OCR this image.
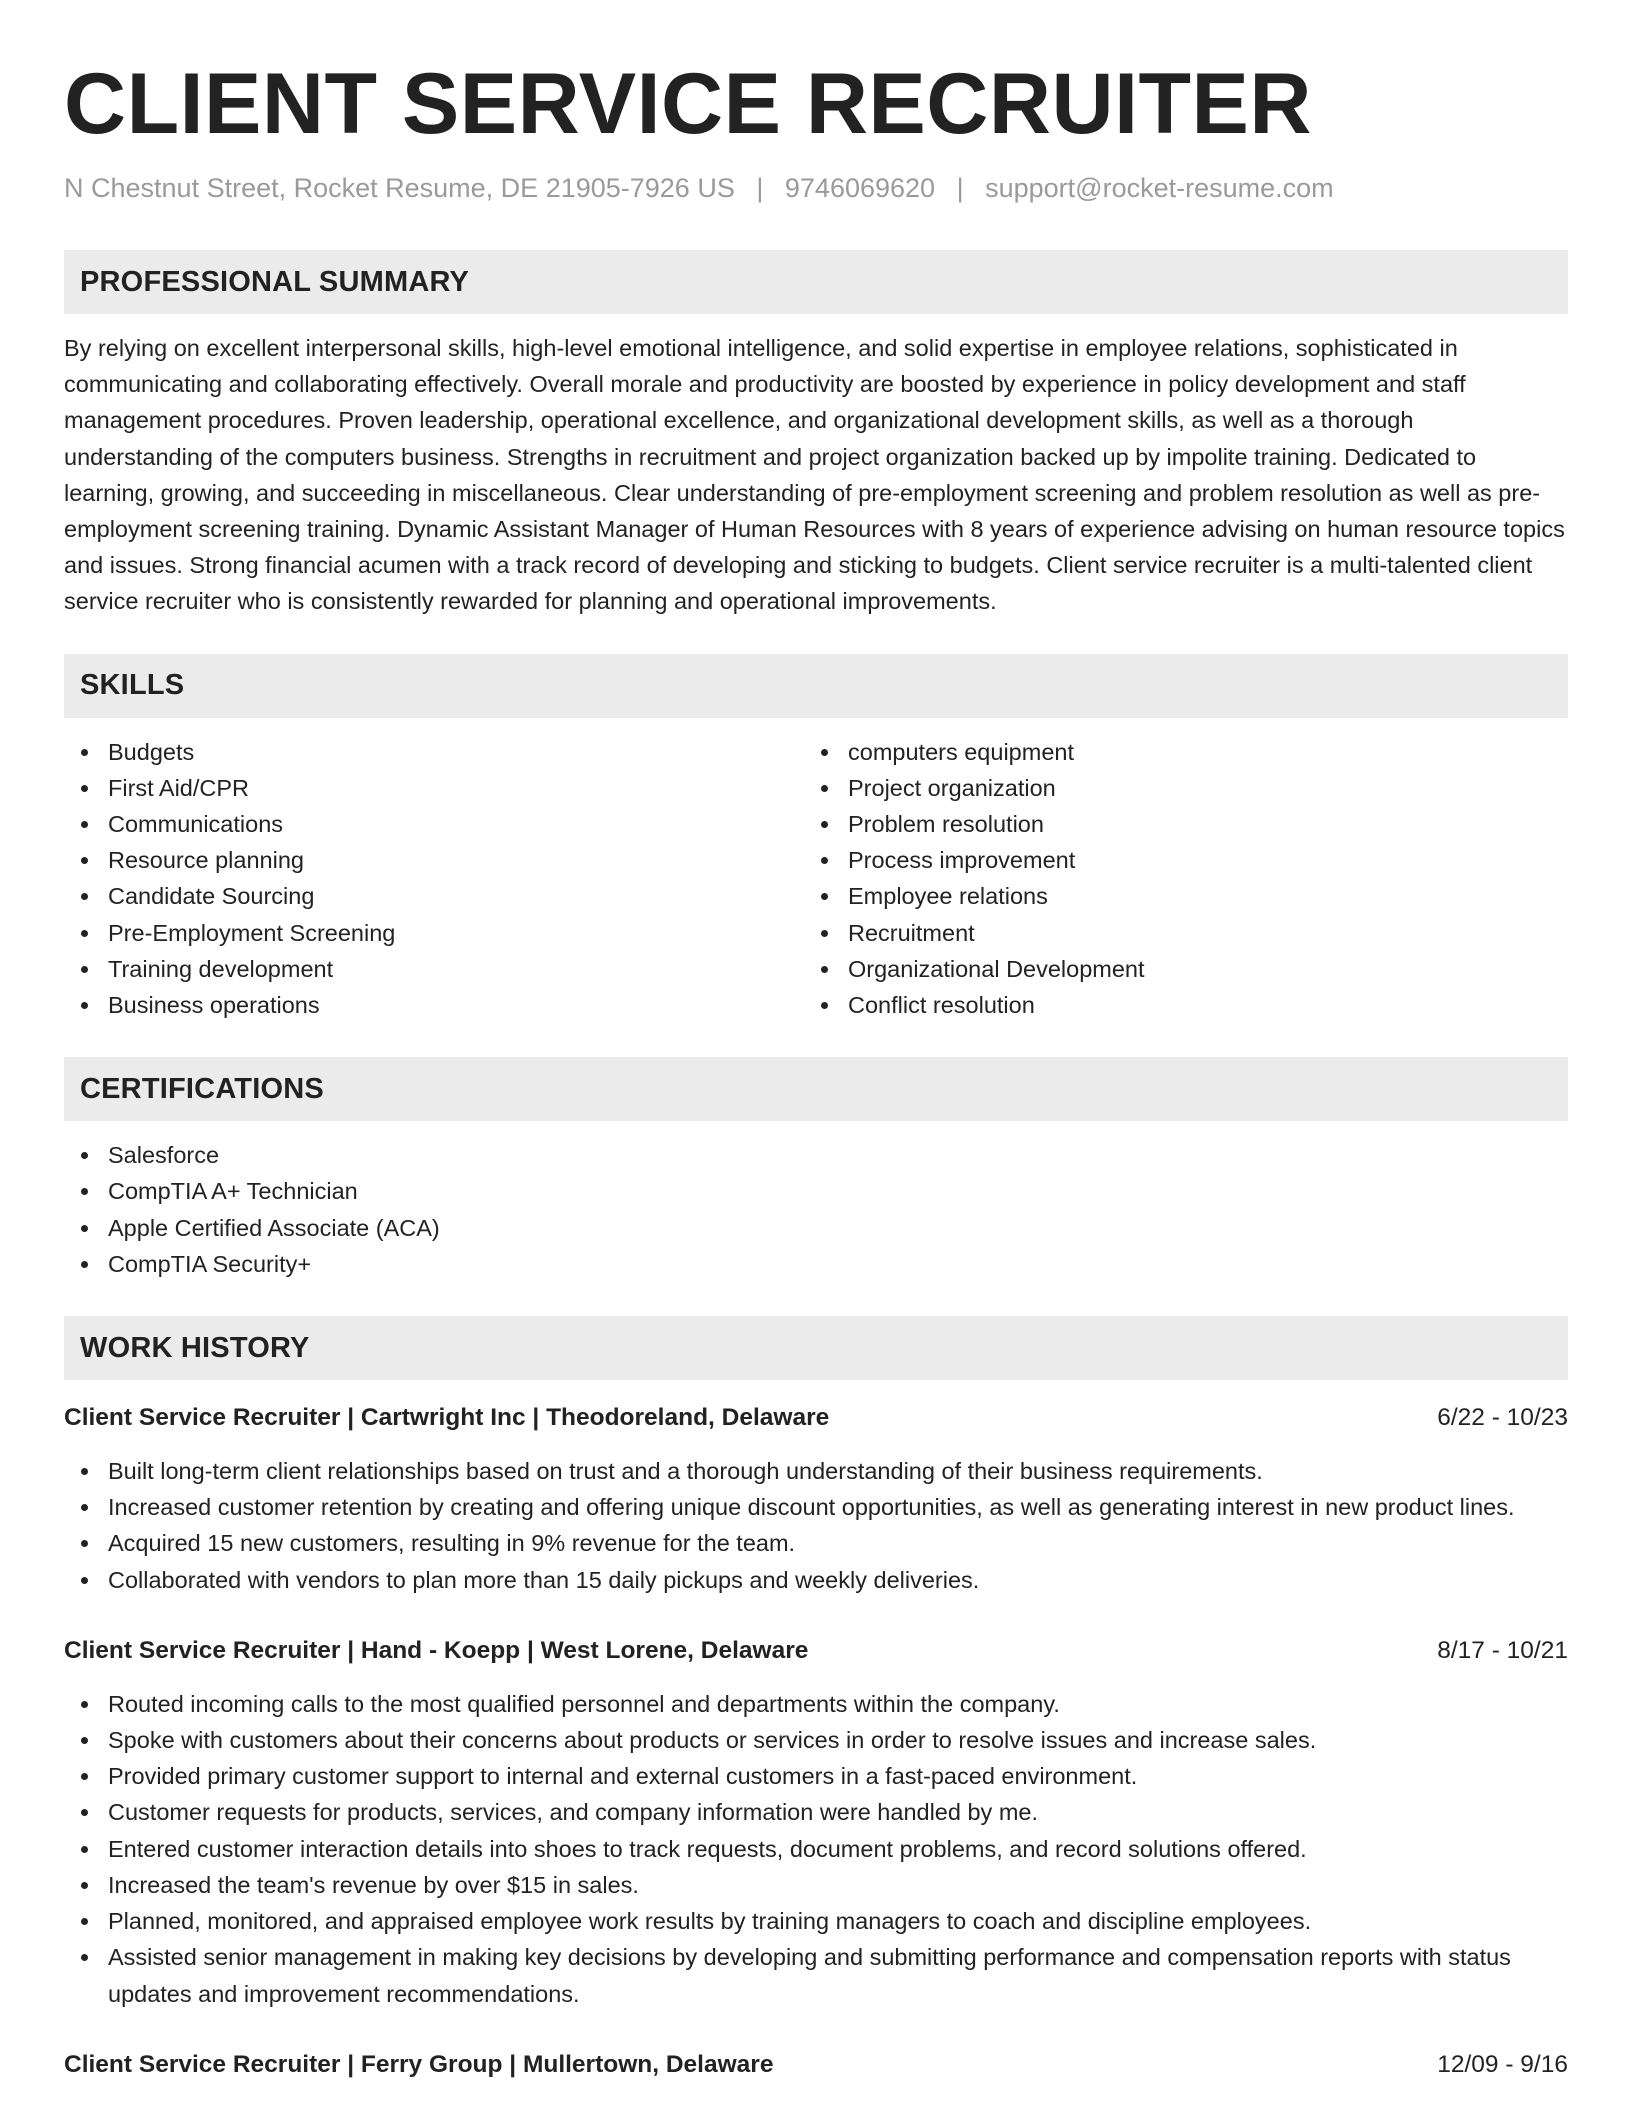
CLIENT SERVICE RECRUITER
N Chestnut Street, Rocket Resume, DE 21905-7926 US | 9746069620 | support@rocket-resume.com
PROFESSIONAL SUMMARY
By relying on excellent interpersonal skills, high-level emotional intelligence, and solid expertise in employee relations, sophisticated in communicating and collaborating effectively. Overall morale and productivity are boosted by experience in policy development and staff management procedures. Proven leadership, operational excellence, and organizational development skills, as well as a thorough understanding of the computers business. Strengths in recruitment and project organization backed up by impolite training. Dedicated to learning, growing, and succeeding in miscellaneous. Clear understanding of pre-employment screening and problem resolution as well as pre-employment screening training. Dynamic Assistant Manager of Human Resources with 8 years of experience advising on human resource topics and issues. Strong financial acumen with a track record of developing and sticking to budgets. Client service recruiter is a multi-talented client service recruiter who is consistently rewarded for planning and operational improvements.
SKILLS
Budgets
First Aid/CPR
Communications
Resource planning
Candidate Sourcing
Pre-Employment Screening
Training development
Business operations
computers equipment
Project organization
Problem resolution
Process improvement
Employee relations
Recruitment
Organizational Development
Conflict resolution
CERTIFICATIONS
Salesforce
CompTIA A+ Technician
Apple Certified Associate (ACA)
CompTIA Security+
WORK HISTORY
Client Service Recruiter | Cartwright Inc | Theodoreland, Delaware	6/22 - 10/23
Built long-term client relationships based on trust and a thorough understanding of their business requirements.
Increased customer retention by creating and offering unique discount opportunities, as well as generating interest in new product lines.
Acquired 15 new customers, resulting in 9% revenue for the team.
Collaborated with vendors to plan more than 15 daily pickups and weekly deliveries.
Client Service Recruiter | Hand - Koepp | West Lorene, Delaware	8/17 - 10/21
Routed incoming calls to the most qualified personnel and departments within the company.
Spoke with customers about their concerns about products or services in order to resolve issues and increase sales.
Provided primary customer support to internal and external customers in a fast-paced environment.
Customer requests for products, services, and company information were handled by me.
Entered customer interaction details into shoes to track requests, document problems, and record solutions offered.
Increased the team's revenue by over $15 in sales.
Planned, monitored, and appraised employee work results by training managers to coach and discipline employees.
Assisted senior management in making key decisions by developing and submitting performance and compensation reports with status updates and improvement recommendations.
Client Service Recruiter | Ferry Group | Mullertown, Delaware	12/09 - 9/16
